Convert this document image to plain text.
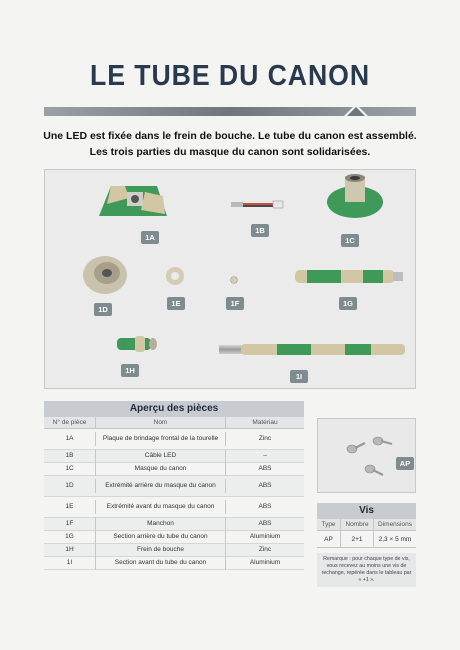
LE TUBE DU CANON
Une LED est fixée dans le frein de bouche. Le tube du canon est assemblé.
Les trois parties du masque du canon sont solidarisées.
1A
1B
1C
1D
1E	1F	1G
1H
1I
Aperçu des pièces
N° de pièce	Nom	Matériau
1A	Plaque de brindage frontal de la tourelle	Zinc
1B	Câble LED	–
1C	Masque du canon	ABS
1D	Extrémité arrière du masque du canon	ABS
1E	Extrémité avant du masque du canon	ABS
1F	Manchon	ABS
1G	Section arrière du tube du canon	Aluminium
1H	Frein de bouche	Zinc
1I	Section avant du tube du canon	Aluminium
AP
Vis
Type	Nombre	Dimensions
AP	2+1	2,3 × 5 mm
Remarque : pour chaque type de vis, vous recevez au moins une vis de rechange, repérée dans le tableau par « +1 ».
